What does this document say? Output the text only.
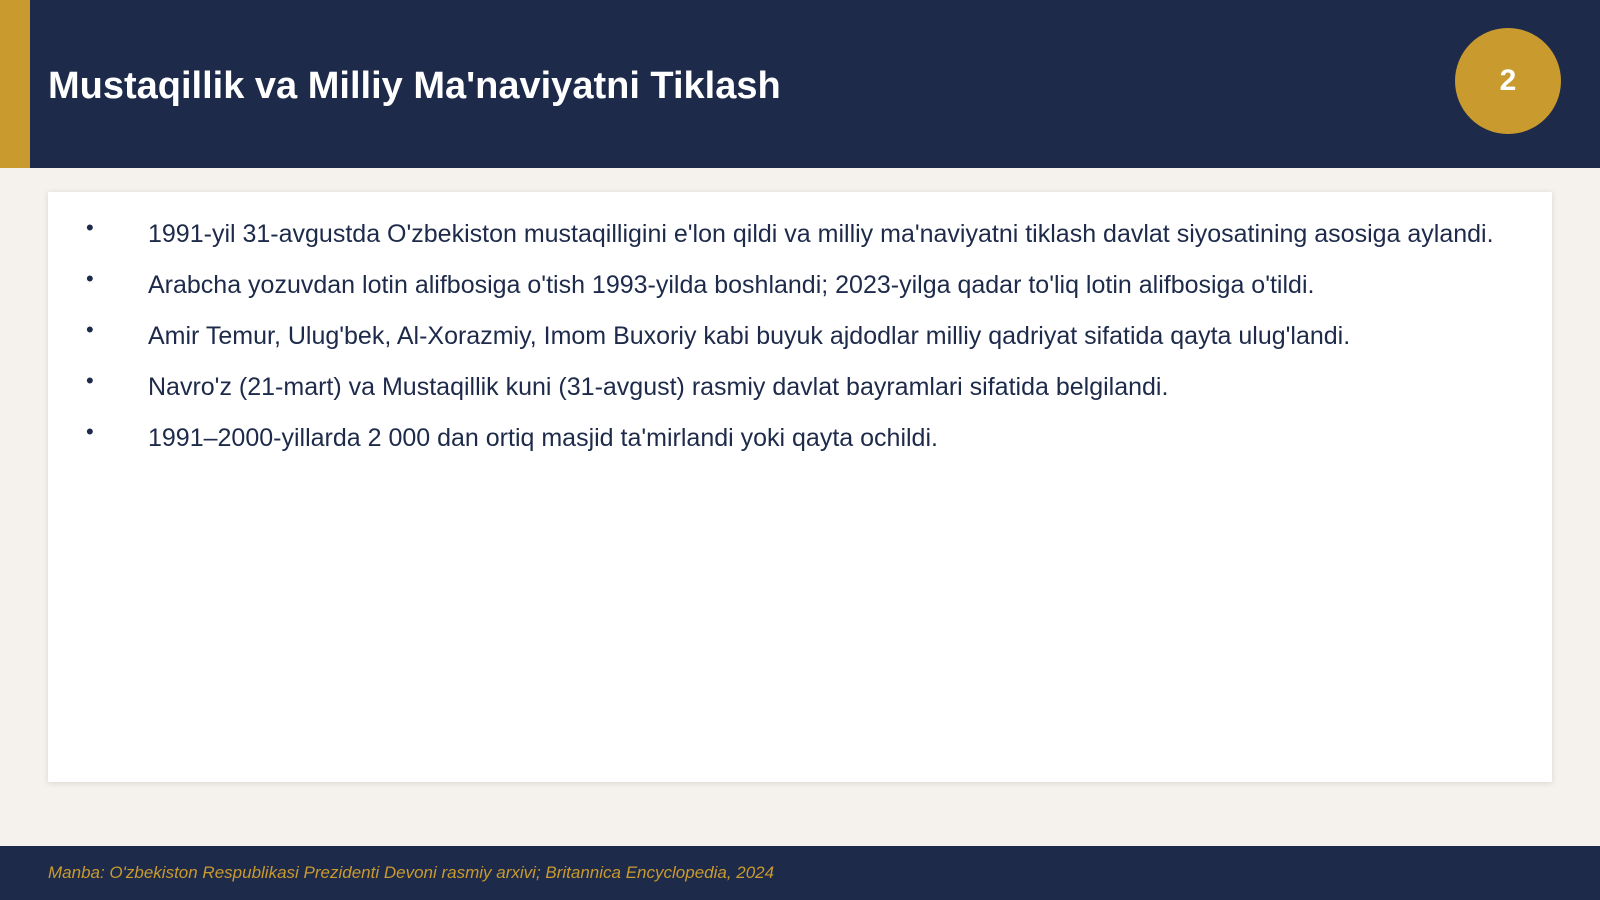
Mustaqillik va Milliy Ma'naviyatni Tiklash	2
• 1991-yil 31-avgustda O'zbekiston mustaqilligini e'lon qildi va milliy ma'naviyatni tiklash davlat siyosatining asosiga aylandi.
• Arabcha yozuvdan lotin alifbosiga o'tish 1993-yilda boshlandi; 2023-yilga qadar to'liq lotin alifbosiga o'tildi.
• Amir Temur, Ulug'bek, Al-Xorazmiy, Imom Buxoriy kabi buyuk ajdodlar milliy qadriyat sifatida qayta ulug'landi.
• Navro'z (21-mart) va Mustaqillik kuni (31-avgust) rasmiy davlat bayramlari sifatida belgilandi.
• 1991–2000-yillarda 2 000 dan ortiq masjid ta'mirlandi yoki qayta ochildi.
Manba: O'zbekiston Respublikasi Prezidenti Devoni rasmiy arxivi; Britannica Encyclopedia, 2024
